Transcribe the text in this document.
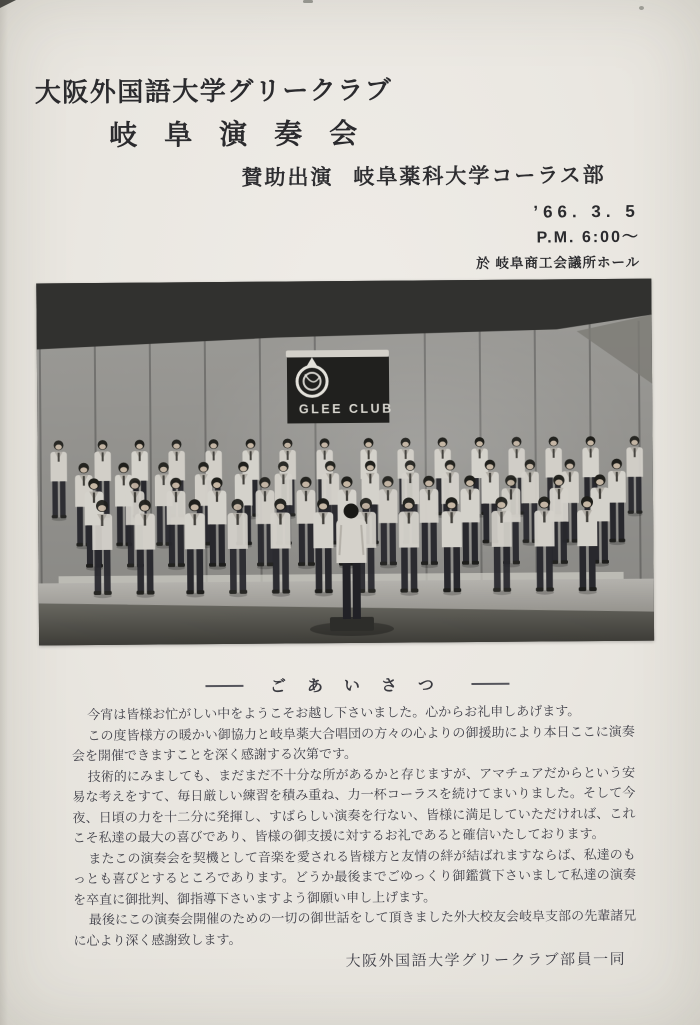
大阪外国語大学グリークラブ
岐阜演奏会
賛助出演 岐阜薬科大学コーラス部
’66. 3. 5
P.M. 6:00～
於 岐阜商工会議所ホール
GLEE CLUB
ごあいさつ

今宵は皆様お忙がしい中をようこそお越し下さいました。心からお礼申しあげます。

この度皆様方の暖かい御協力と岐阜薬大合唱団の方々の心よりの御援助により本日ここに演奏会を開催できますことを深く感謝する次第です。

技術的にみましても、まだまだ不十分な所があるかと存じますが、アマチュアだからという安易な考えをすて、毎日厳しい練習を積み重ね、力一杯コーラスを続けてまいりました。そして今夜、日頃の力を十二分に発揮し、すばらしい演奏を行ない、皆様に満足していただければ、これこそ私達の最大の喜びであり、皆様の御支援に対するお礼であると確信いたしております。

またこの演奏会を契機として音楽を愛される皆様方と友情の絆が結ばれますならば、私達のもっとも喜びとするところであります。どうか最後までごゆっくり御鑑賞下さいまして私達の演奏を卒直に御批判、御指導下さいますよう御願い申し上げます。

最後にこの演奏会開催のための一切の御世話をして頂きました外大校友会岐阜支部の先輩諸兄に心より深く感謝致します。

大阪外国語大学グリークラブ部員一同
